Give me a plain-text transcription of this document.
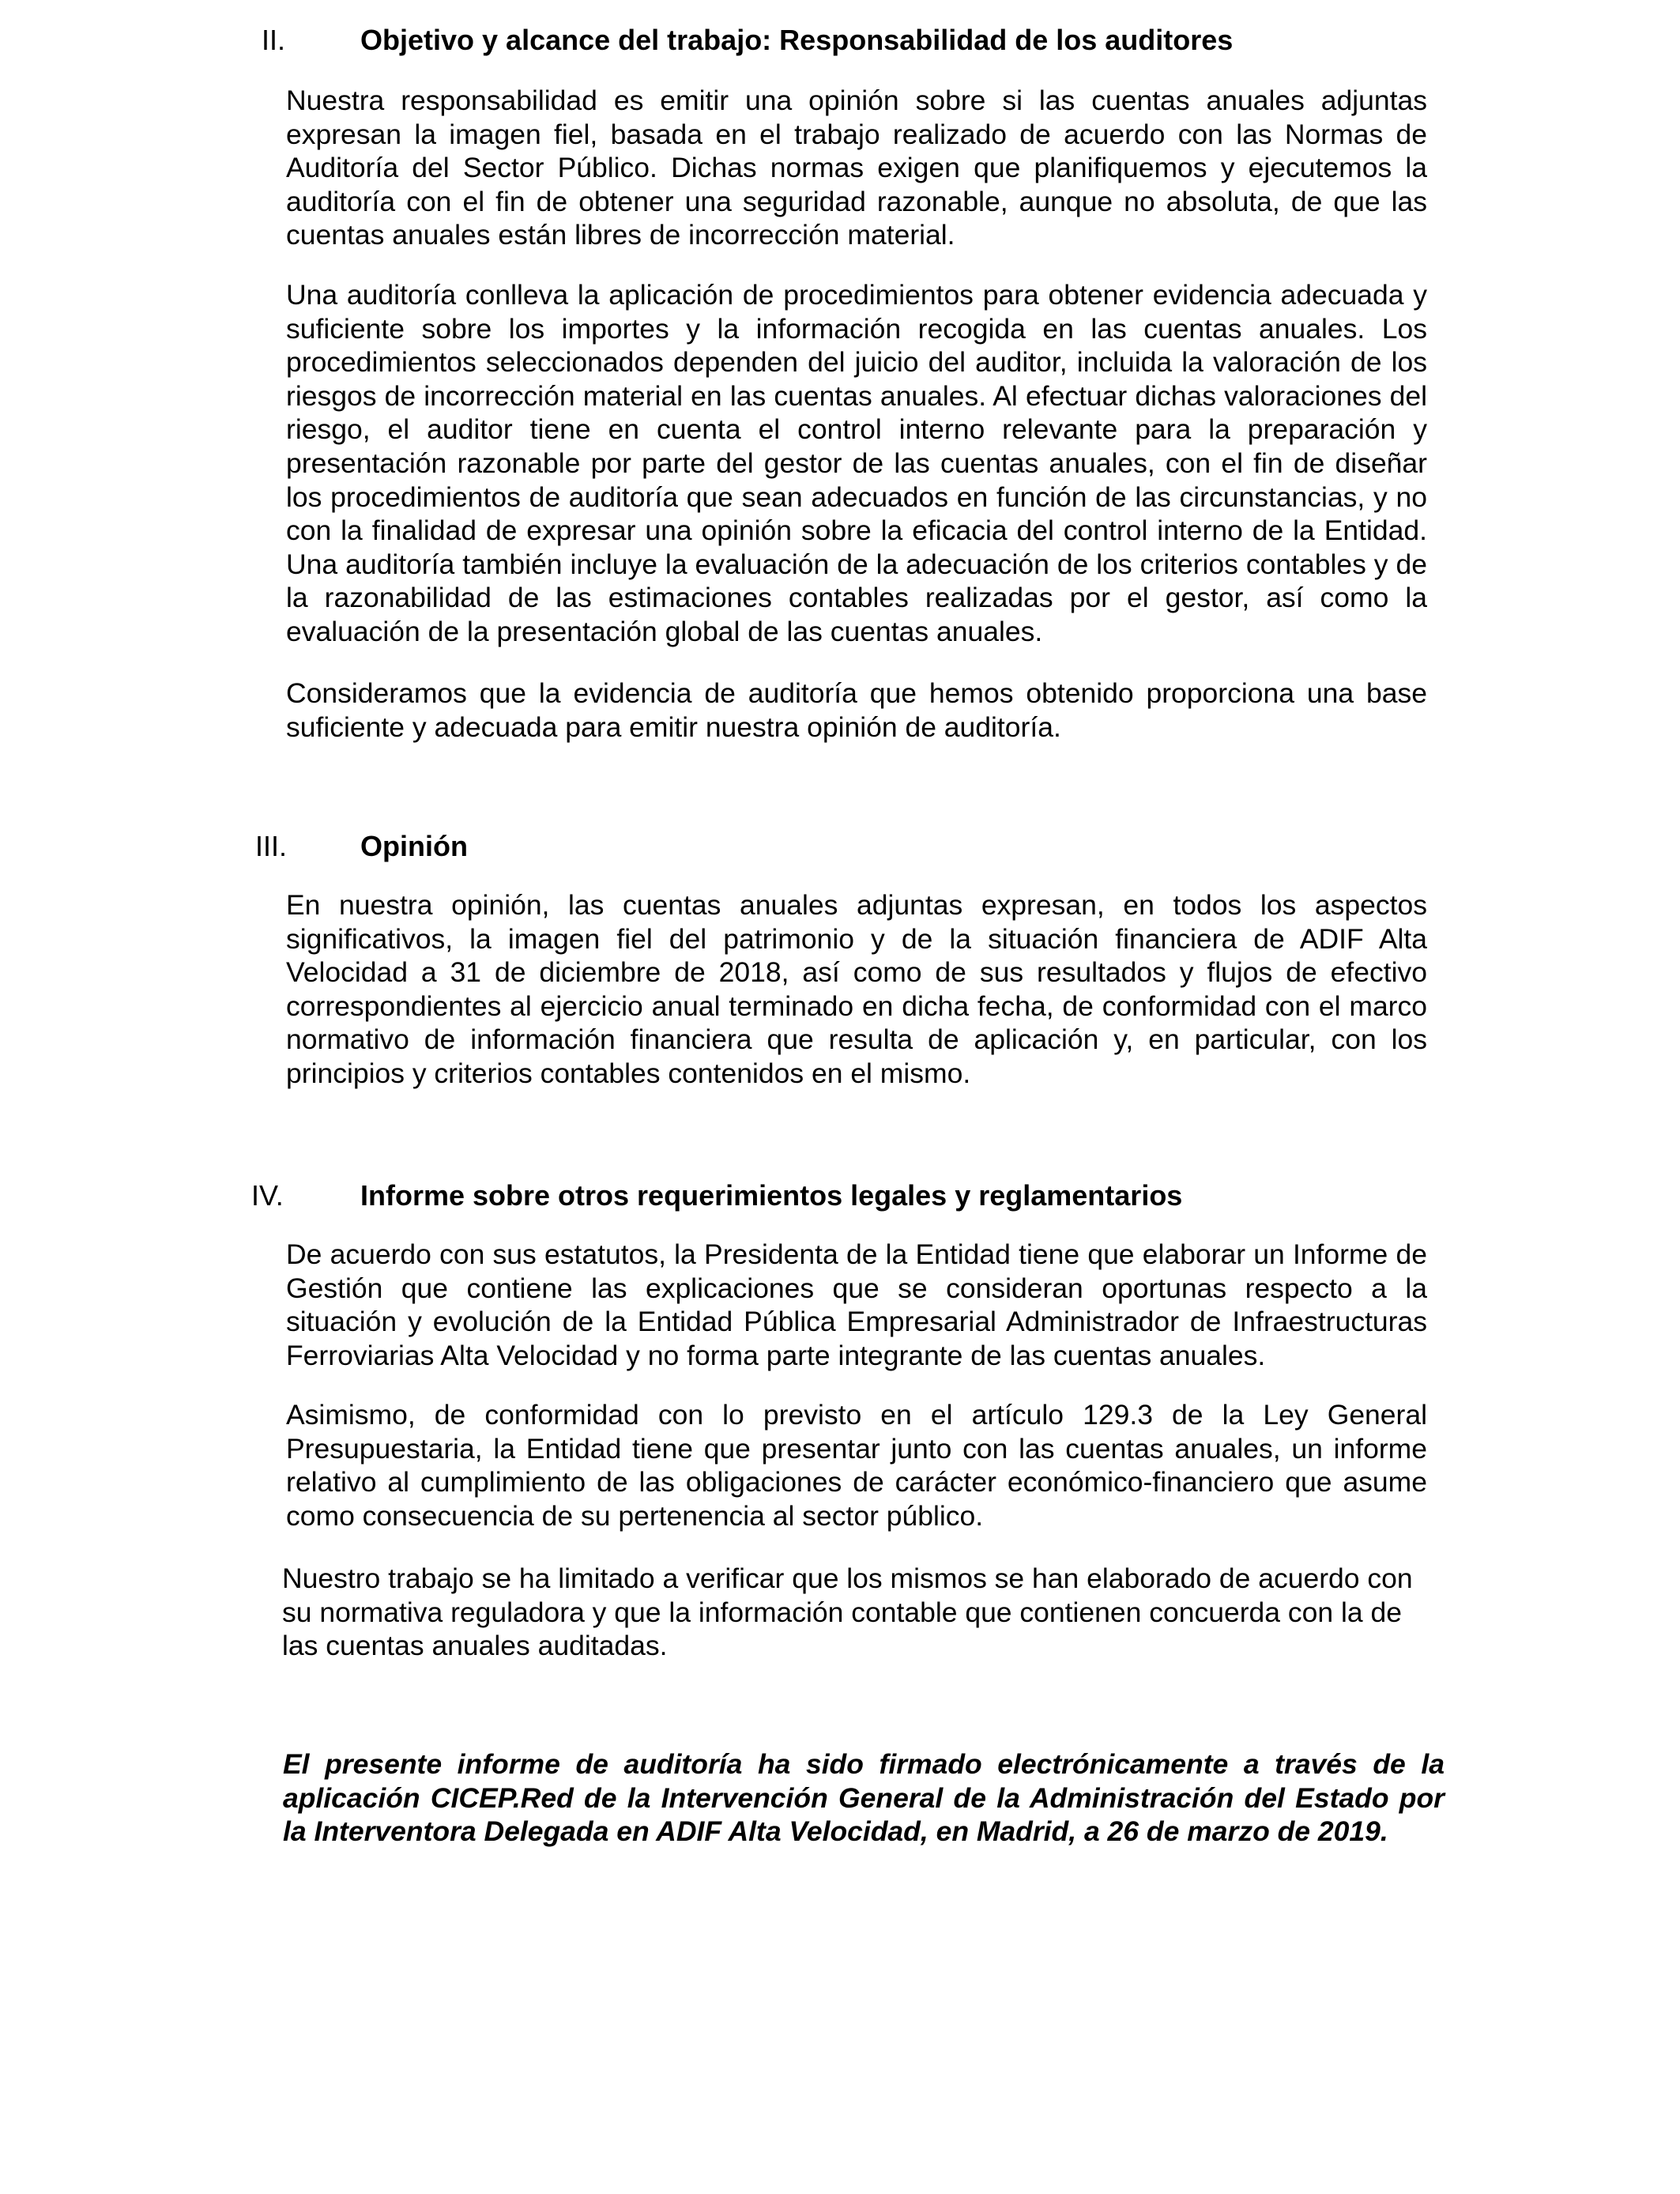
II.	Objetivo y alcance del trabajo: Responsabilidad de los auditores

Nuestra responsabilidad es emitir una opinión sobre si las cuentas anuales adjuntas expresan la imagen fiel, basada en el trabajo realizado de acuerdo con las Normas de Auditoría del Sector Público. Dichas normas exigen que planifiquemos y ejecutemos la auditoría con el fin de obtener una seguridad razonable, aunque no absoluta, de que las cuentas anuales están libres de incorrección material.

Una auditoría conlleva la aplicación de procedimientos para obtener evidencia adecuada y suficiente sobre los importes y la información recogida en las cuentas anuales. Los procedimientos seleccionados dependen del juicio del auditor, incluida la valoración de los riesgos de incorrección material en las cuentas anuales. Al efectuar dichas valoraciones del riesgo, el auditor tiene en cuenta el control interno relevante para la preparación y presentación razonable por parte del gestor de las cuentas anuales, con el fin de diseñar los procedimientos de auditoría que sean adecuados en función de las circunstancias, y no con la finalidad de expresar una opinión sobre la eficacia del control interno de la Entidad. Una auditoría también incluye la evaluación de la adecuación de los criterios contables y de la razonabilidad de las estimaciones contables realizadas por el gestor, así como la evaluación de la presentación global de las cuentas anuales.

Consideramos que la evidencia de auditoría que hemos obtenido proporciona una base suficiente y adecuada para emitir nuestra opinión de auditoría.

III.	Opinión

En nuestra opinión, las cuentas anuales adjuntas expresan, en todos los aspectos significativos, la imagen fiel del patrimonio y de la situación financiera de ADIF Alta Velocidad a 31 de diciembre de 2018, así como de sus resultados y flujos de efectivo correspondientes al ejercicio anual terminado en dicha fecha, de conformidad con el marco normativo de información financiera que resulta de aplicación y, en particular, con los principios y criterios contables contenidos en el mismo.

IV.	Informe sobre otros requerimientos legales y reglamentarios

De acuerdo con sus estatutos, la Presidenta de la Entidad tiene que elaborar un Informe de Gestión que contiene las explicaciones que se consideran oportunas respecto a la situación y evolución de la Entidad Pública Empresarial Administrador de Infraestructuras Ferroviarias Alta Velocidad y no forma parte integrante de las cuentas anuales.

Asimismo, de conformidad con lo previsto en el artículo 129.3 de la Ley General Presupuestaria, la Entidad tiene que presentar junto con las cuentas anuales, un informe relativo al cumplimiento de las obligaciones de carácter económico-financiero que asume como consecuencia de su pertenencia al sector público.

Nuestro trabajo se ha limitado a verificar que los mismos se han elaborado de acuerdo con su normativa reguladora y que la información contable que contienen concuerda con la de las cuentas anuales auditadas.

El presente informe de auditoría ha sido firmado electrónicamente a través de la aplicación CICEP.Red de la Intervención General de la Administración del Estado por la Interventora Delegada en ADIF Alta Velocidad, en Madrid, a 26 de marzo de 2019.
